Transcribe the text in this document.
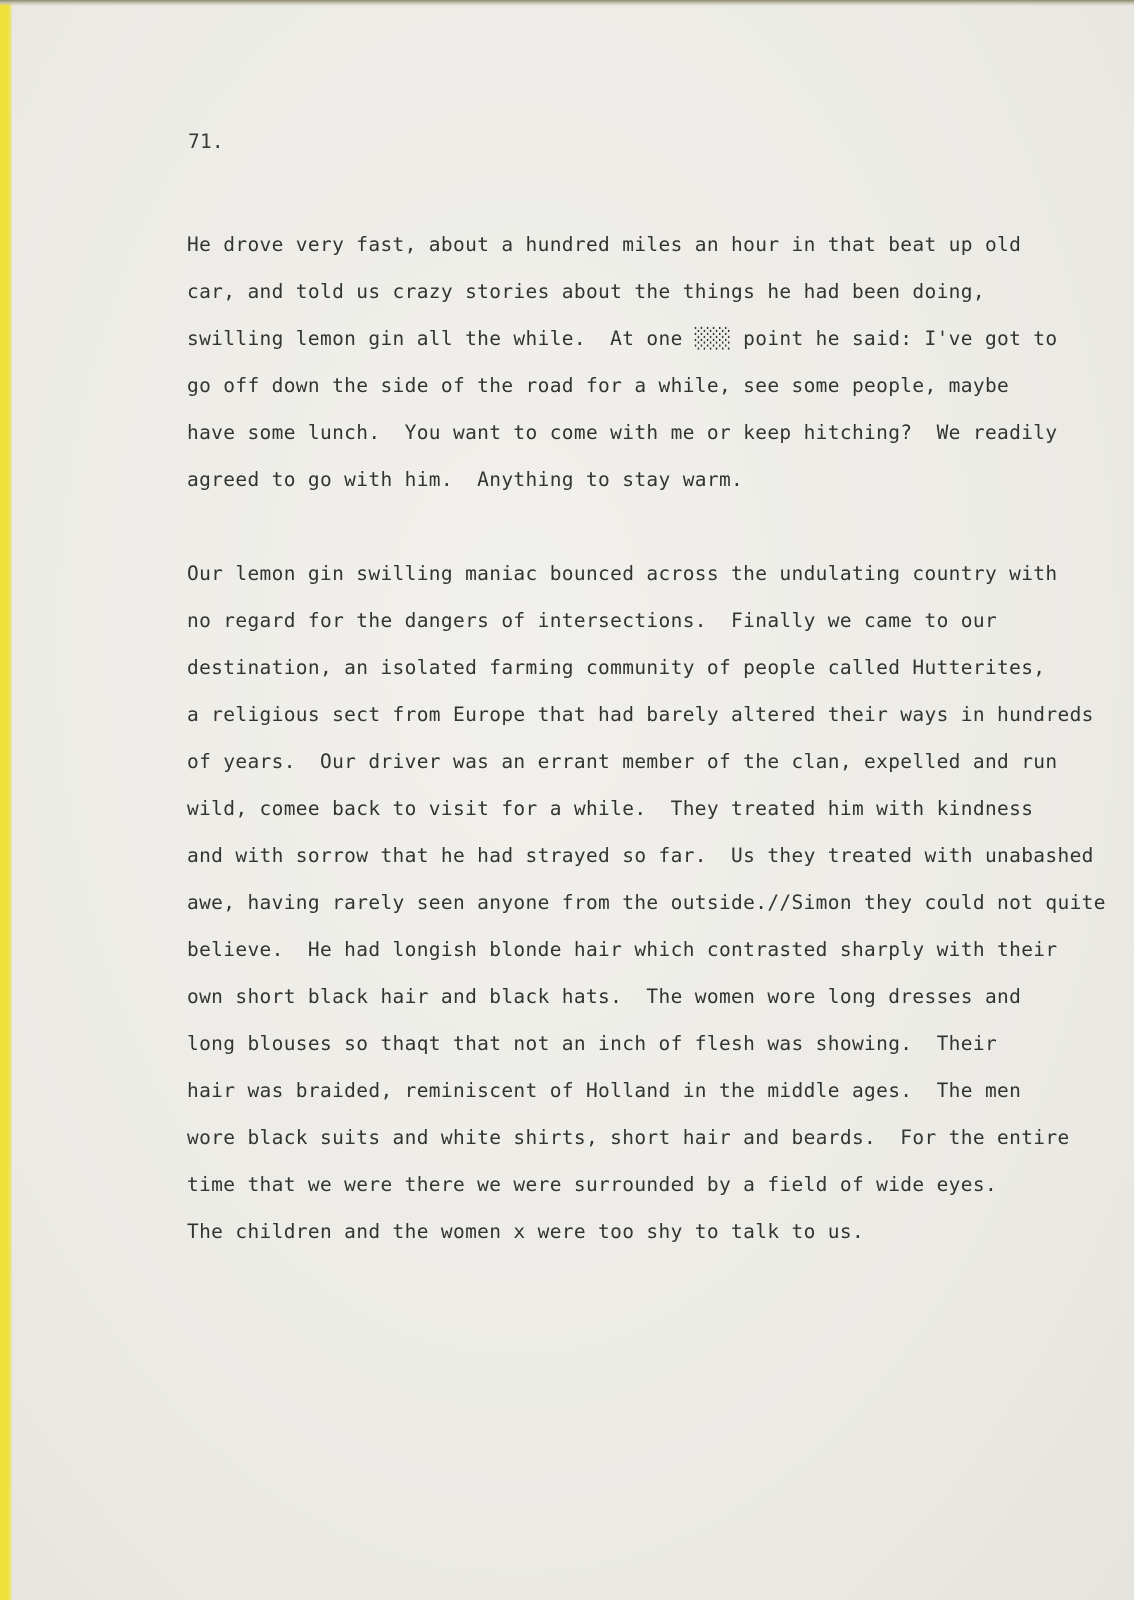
71.
He drove very fast, about a hundred miles an hour in that beat up old
car, and told us crazy stories about the things he had been doing,
swilling lemon gin all the while.  At one ░░░ point he said: I've got to
go off down the side of the road for a while, see some people, maybe
have some lunch.  You want to come with me or keep hitching?  We readily
agreed to go with him.  Anything to stay warm.
Our lemon gin swilling maniac bounced across the undulating country with
no regard for the dangers of intersections.  Finally we came to our
destination, an isolated farming community of people called Hutterites,
a religious sect from Europe that had barely altered their ways in hundreds
of years.  Our driver was an errant member of the clan, expelled and run
wild, comee back to visit for a while.  They treated him with kindness
and with sorrow that he had strayed so far.  Us they treated with unabashed
awe, having rarely seen anyone from the outside.//Simon they could not quite
believe.  He had longish blonde hair which contrasted sharply with their
own short black hair and black hats.  The women wore long dresses and
long blouses so thaqt that not an inch of flesh was showing.  Their
hair was braided, reminiscent of Holland in the middle ages.  The men
wore black suits and white shirts, short hair and beards.  For the entire
time that we were there we were surrounded by a field of wide eyes.
The children and the women x were too shy to talk to us.
